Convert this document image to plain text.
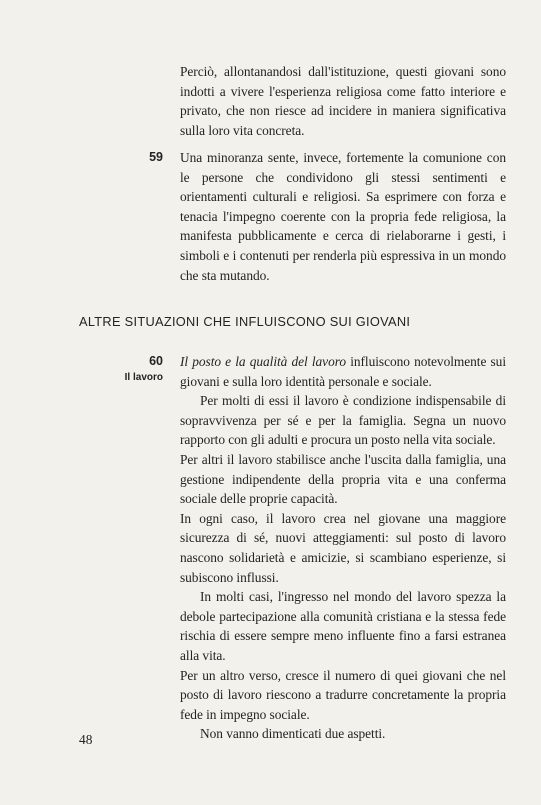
Perciò, allontanandosi dall'istituzione, questi giovani sono indotti a vivere l'esperienza religiosa come fatto interiore e privato, che non riesce ad incidere in maniera significativa sulla loro vita concreta.

59 Una minoranza sente, invece, fortemente la comunione con le persone che condividono gli stessi sentimenti e orientamenti culturali e religiosi. Sa esprimere con forza e tenacia l'impegno coerente con la propria fede religiosa, la manifesta pubblicamente e cerca di rielaborarne i gesti, i simboli e i contenuti per renderla più espressiva in un mondo che sta mutando.

ALTRE SITUAZIONI CHE INFLUISCONO SUI GIOVANI
60
Il lavoro

Il posto e la qualità del lavoro influiscono notevolmente sui giovani e sulla loro identità personale e sociale.

Per molti di essi il lavoro è condizione indispensabile di sopravvivenza per sé e per la famiglia. Segna un nuovo rapporto con gli adulti e procura un posto nella vita sociale.

Per altri il lavoro stabilisce anche l'uscita dalla famiglia, una gestione indipendente della propria vita e una conferma sociale delle proprie capacità.

In ogni caso, il lavoro crea nel giovane una maggiore sicurezza di sé, nuovi atteggiamenti: sul posto di lavoro nascono solidarietà e amicizie, si scambiano esperienze, si subiscono influssi.

In molti casi, l'ingresso nel mondo del lavoro spezza la debole partecipazione alla comunità cristiana e la stessa fede rischia di essere sempre meno influente fino a farsi estranea alla vita.

Per un altro verso, cresce il numero di quei giovani che nel posto di lavoro riescono a tradurre concretamente la propria fede in impegno sociale.

Non vanno dimenticati due aspetti.

48
